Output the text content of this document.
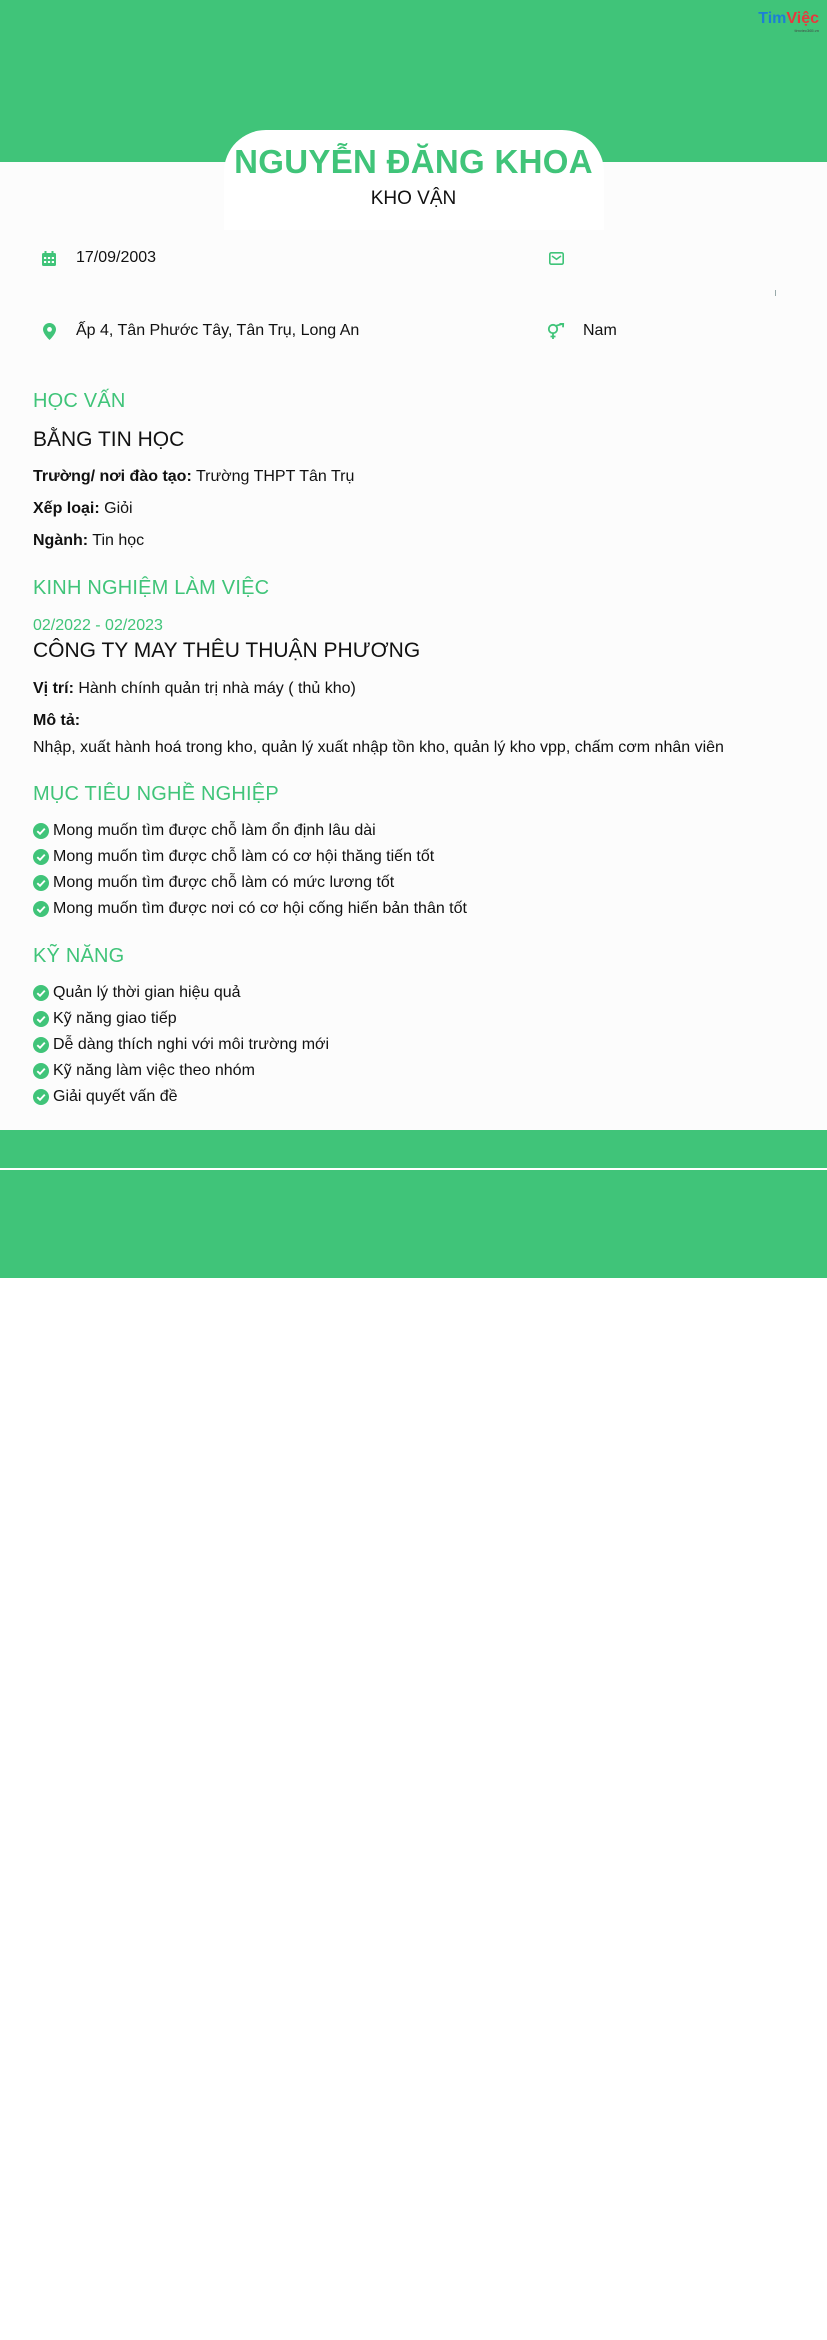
TimViệc
timviec365.vn
NGUYỄN ĐĂNG KHOA
KHO VẬN
17/09/2003
Ấp 4, Tân Phước Tây, Tân Trụ, Long An	Nam
HỌC VẤN
BẰNG TIN HỌC
Trường/ nơi đào tạo: Trường THPT Tân Trụ
Xếp loại: Giỏi
Ngành: Tin học
KINH NGHIỆM LÀM VIỆC
02/2022 - 02/2023
CÔNG TY MAY THÊU THUẬN PHƯƠNG
Vị trí: Hành chính quản trị nhà máy ( thủ kho)
Mô tả:
Nhập, xuất hành hoá trong kho, quản lý xuất nhập tồn kho, quản lý kho vpp, chấm cơm nhân viên
MỤC TIÊU NGHỀ NGHIỆP
Mong muốn tìm được chỗ làm ổn định lâu dài
Mong muốn tìm được chỗ làm có cơ hội thăng tiến tốt
Mong muốn tìm được chỗ làm có mức lương tốt
Mong muốn tìm được nơi có cơ hội cống hiến bản thân tốt
KỸ NĂNG
Quản lý thời gian hiệu quả
Kỹ năng giao tiếp
Dễ dàng thích nghi với môi trường mới
Kỹ năng làm việc theo nhóm
Giải quyết vấn đề
